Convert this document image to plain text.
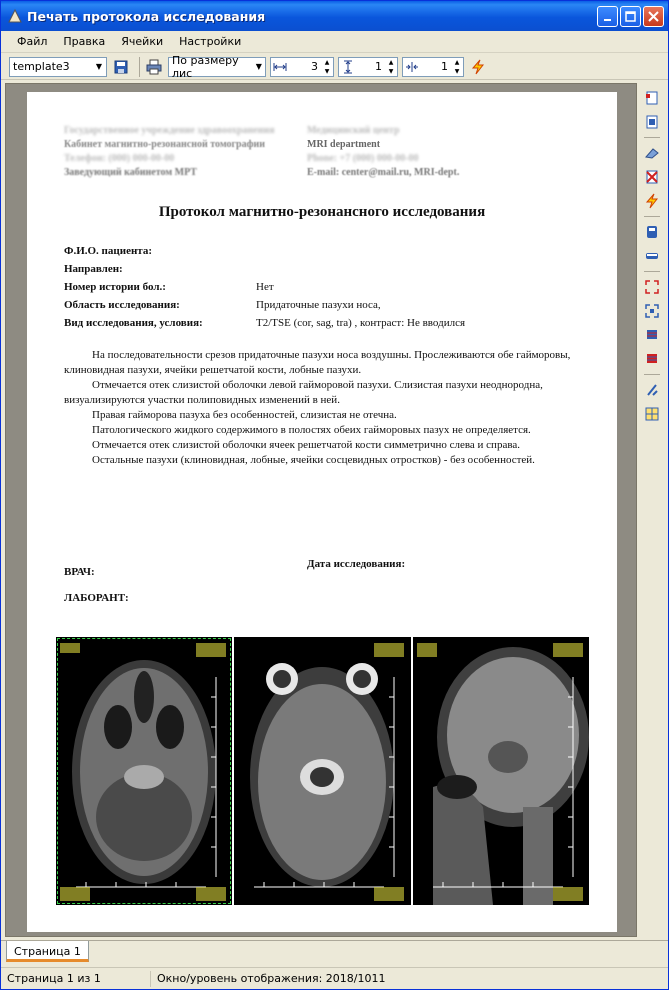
Печать протокола исследования
Файл	Правка	Ячейки	Настройки
template3	▼	По размеру лис	▼	3	▲
▼	1	▲
▼	1	▲
▼
Государственное учреждение здравоохранения
Кабинет магнитно-резонансной томографии
Телефон: (000) 000-00-00
Заведующий кабинетом МРТ
Медицинский центр
MRI department
Phone: +7 (000) 000-00-00
E-mail: center@mail.ru, MRI-dept.
Протокол магнитно-резонансного исследования
Ф.И.О. пациента:
Направлен:
Номер истории бол.:	Нет
Область исследования:	Придаточные пазухи носа,
Вид исследования, условия:	T2/TSE (cor, sag, tra) , контраст: Не вводился

На последовательности срезов придаточные пазухи носа воздушны. Прослеживаются обе гайморовы, клиновидная пазухи, ячейки решетчатой кости, лобные пазухи.

Отмечается отек слизистой оболочки левой гайморовой пазухи. Слизистая пазухи неоднородна, визуализируются участки полиповидных изменений в ней.

Правая гайморова пазуха без особенностей, слизистая не отечна.

Патологического жидкого содержимого в полостях обеих гайморовых пазух не определяется.

Отмечается отек слизистой оболочки ячеек решетчатой кости симметрично слева и справа.

Остальные пазухи (клиновидная, лобные, ячейки сосцевидных отростков) - без особенностей.

Дата исследования:
ВРАЧ:
ЛАБОРАНТ:
Страница 1
Страница 1 из 1	Окно/уровень отображения: 2018/1011
